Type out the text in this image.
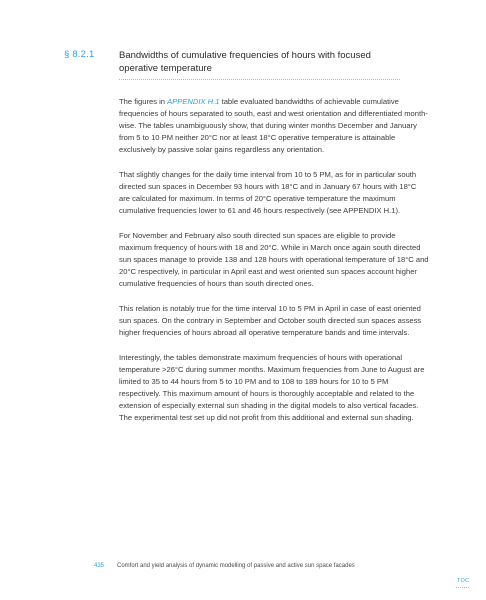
§ 8.2.1	Bandwidths of cumulative frequencies of hours with focused operative temperature

The figures in APPENDIX H.1 table evaluated bandwidths of achievable cumulative frequencies of hours separated to south, east and west orientation and differentiated month-wise. The tables unambiguously show, that during winter months December and January from 5 to 10 PM neither 20°C nor at least 18°C operative temperature is attainable exclusively by passive solar gains regardless any orientation.

That slightly changes for the daily time interval from 10 to 5 PM, as for in particular south directed sun spaces in December 93 hours with 18°C and in January 67 hours with 18°C are calculated for maximum. In terms of 20°C operative temperature the maximum cumulative frequencies lower to 61 and 46 hours respectively (see APPENDIX H.1).

For November and February also south directed sun spaces are eligible to provide maximum frequency of hours with 18 and 20°C. While in March once again south directed sun spaces manage to provide 138 and 128 hours with operational temperature of 18°C and 20°C respectively, in particular in April east and west oriented sun spaces account higher cumulative frequencies of hours than south directed ones.

This relation is notably true for the time interval 10 to 5 PM in April in case of east oriented sun spaces. On the contrary in September and October south directed sun spaces assess higher frequencies of hours abroad all operative temperature bands and time intervals.

Interestingly, the tables demonstrate maximum frequencies of hours with operational temperature >26°C during summer months. Maximum frequencies from June to August are limited to 35 to 44 hours from 5 to 10 PM and to 108 to 189 hours for 10 to 5 PM respectively. This maximum amount of hours is thoroughly acceptable and related to the extension of especially external sun shading in the digital models to also vertical facades. The experimental test set up did not profit from this additional and external sun shading.

435 Comfort and yield analysis of dynamic modelling of passive and active sun space facades
TOC
